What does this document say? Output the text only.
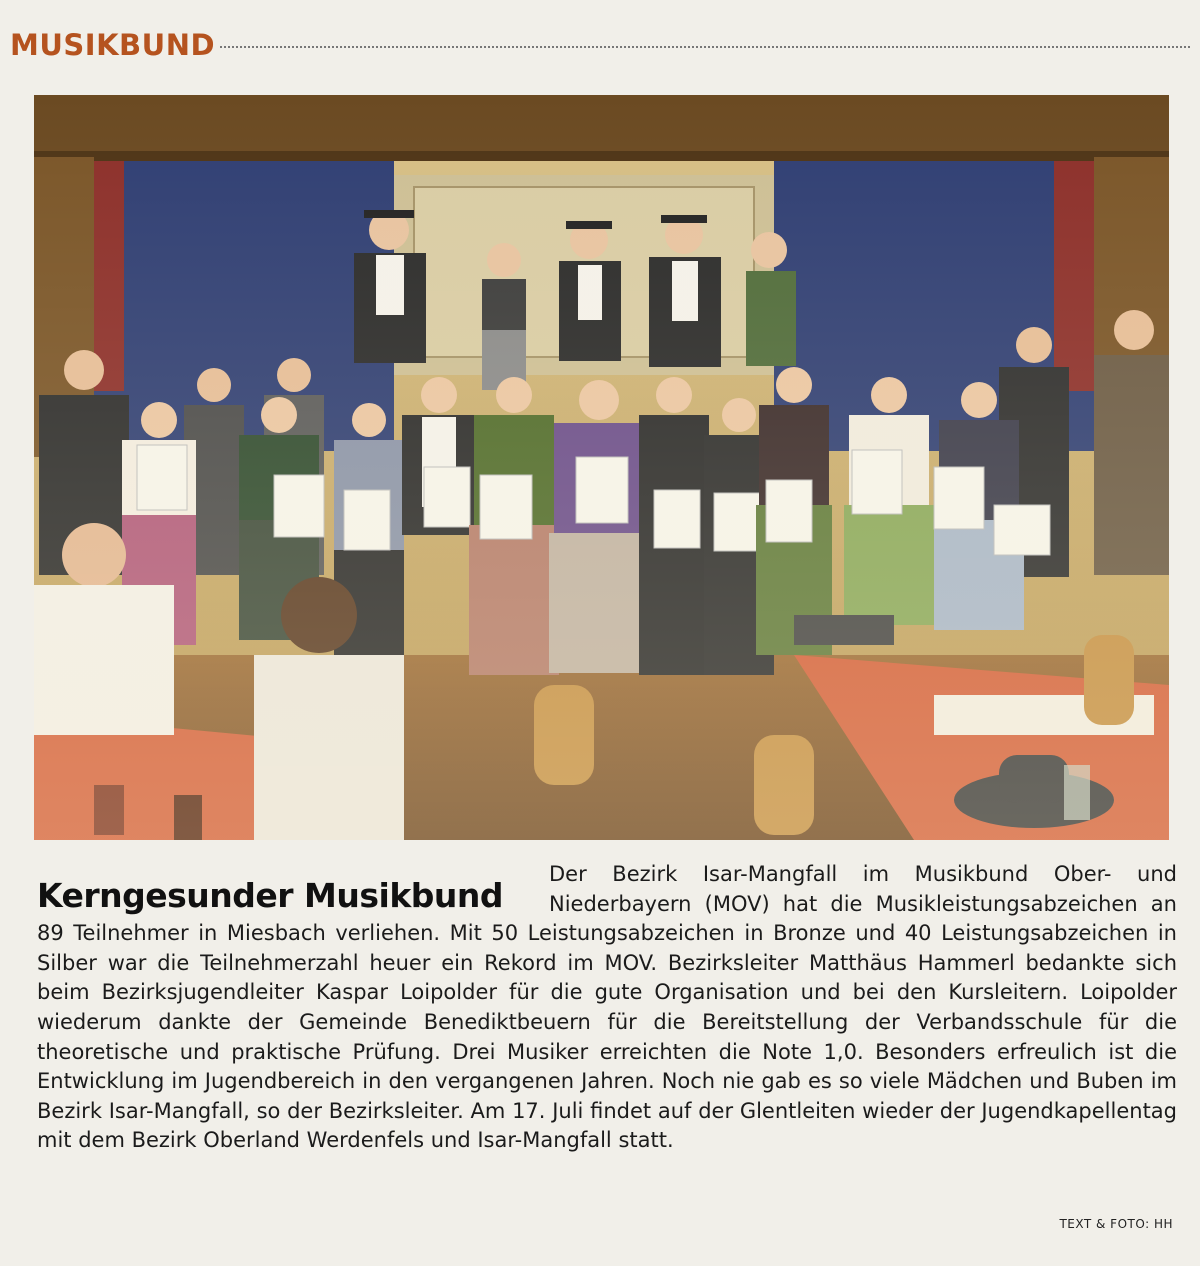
MUSIKBUND
Kerngesunder Musikbund

Der Bezirk Isar-Mangfall im Musikbund Ober- und Niederbayern (MOV) hat die Musikleistungsabzeichen an 89 Teilnehmer in Miesbach verliehen. Mit 50 Leistungsabzeichen in Bronze und 40 Leistungsabzeichen in Silber war die Teilnehmerzahl heuer ein Rekord im MOV. Bezirksleiter Matthäus Hammerl bedankte sich beim Bezirksjugendleiter Kaspar Loipolder für die gute Organisation und bei den Kursleitern. Loipolder wiederum dankte der Gemeinde Benediktbeuern für die Bereitstellung der Verbandsschule für die theoretische und praktische Prüfung. Drei Musiker erreichten die Note 1,0. Besonders erfreulich ist die Entwicklung im Jugendbereich in den vergangenen Jahren. Noch nie gab es so viele Mädchen und Buben im Bezirk Isar-Mangfall, so der Bezirksleiter. Am 17. Juli findet auf der Glentleiten wieder der Jugendkapellentag mit dem Bezirk Oberland Werdenfels und Isar-Mangfall statt.

TEXT & FOTO: HH
